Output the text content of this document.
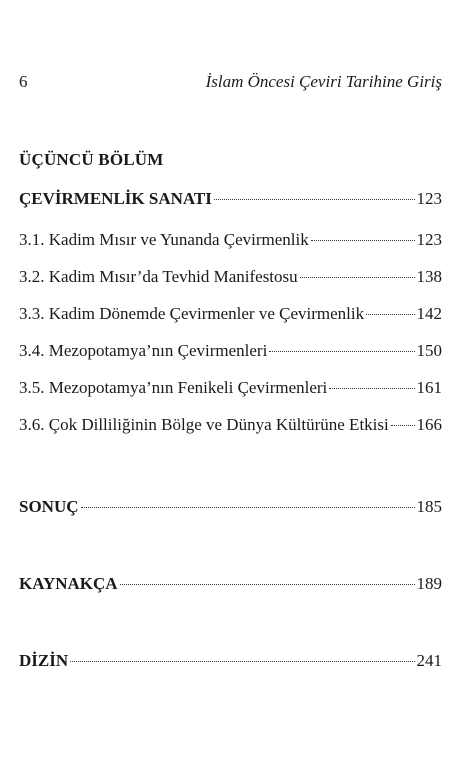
6	İslam Öncesi Çeviri Tarihine Giriş
ÜÇÜNCÜ BÖLÜM
ÇEVİRMENLİK SANATI	123
3.1. Kadim Mısır ve Yunanda Çevirmenlik	123
3.2. Kadim Mısır’da Tevhid Manifestosu	138
3.3. Kadim Dönemde Çevirmenler ve Çevirmenlik	142
3.4. Mezopotamya’nın Çevirmenleri	150
3.5. Mezopotamya’nın Fenikeli Çevirmenleri	161
3.6. Çok Dilliliğinin Bölge ve Dünya Kültürüne Etkisi 166
SONUÇ	185
KAYNAKÇA	189
DİZİN	241
